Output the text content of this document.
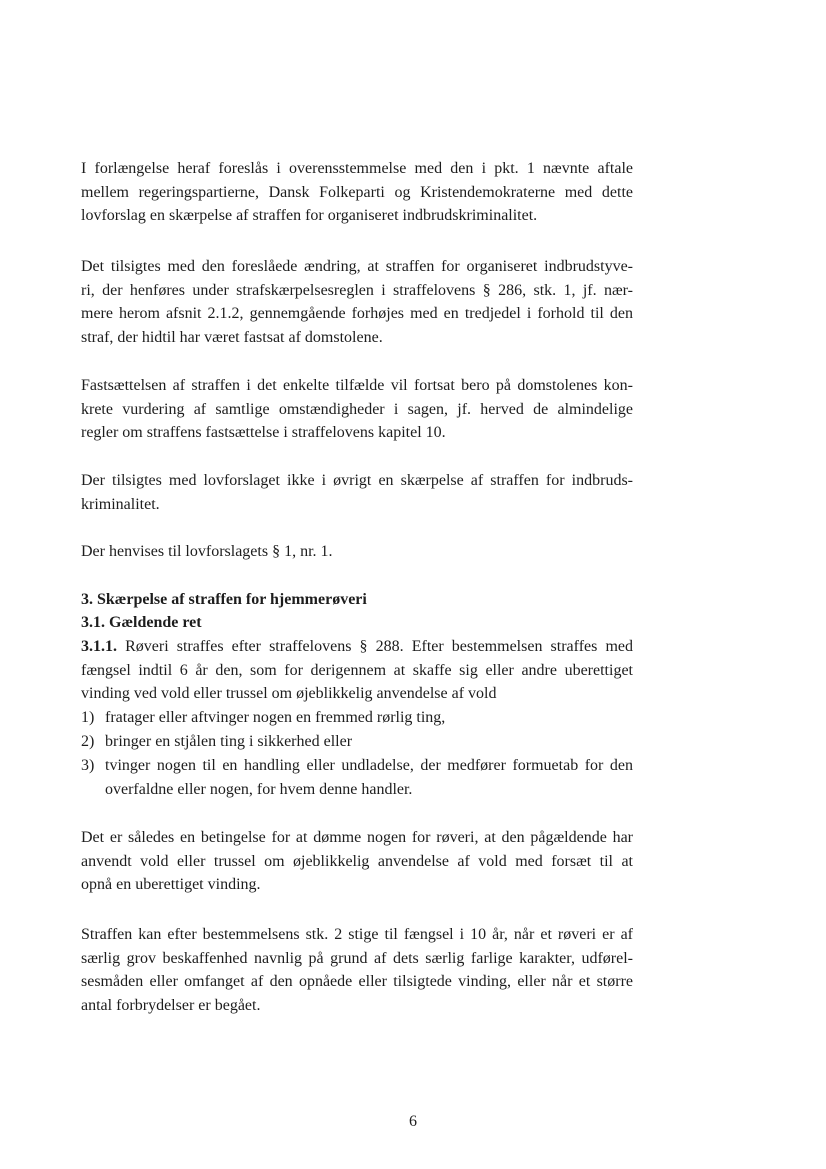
I forlængelse heraf foreslås i overensstemmelse med den i pkt. 1 nævnte aftale
mellem regeringspartierne, Dansk Folkeparti og Kristendemokraterne med dette
lovforslag en skærpelse af straffen for organiseret indbrudskriminalitet.
Det tilsigtes med den foreslåede ændring, at straffen for organiseret indbrudstyve-
ri, der henføres under strafskærpelsesreglen i straffelovens § 286, stk. 1, jf. nær-
mere herom afsnit 2.1.2, gennemgående forhøjes med en tredjedel i forhold til den
straf, der hidtil har været fastsat af domstolene.
Fastsættelsen af straffen i det enkelte tilfælde vil fortsat bero på domstolenes kon-
krete vurdering af samtlige omstændigheder i sagen, jf. herved de almindelige
regler om straffens fastsættelse i straffelovens kapitel 10.
Der tilsigtes med lovforslaget ikke i øvrigt en skærpelse af straffen for indbruds-
kriminalitet.
Der henvises til lovforslagets § 1, nr. 1.
3. Skærpelse af straffen for hjemmerøveri
3.1. Gældende ret
3.1.1. Røveri straffes efter straffelovens § 288. Efter bestemmelsen straffes med
fængsel indtil 6 år den, som for derigennem at skaffe sig eller andre uberettiget
vinding ved vold eller trussel om øjeblikkelig anvendelse af vold
1) fratager eller aftvinger nogen en fremmed rørlig ting,
2) bringer en stjålen ting i sikkerhed eller
3) tvinger nogen til en handling eller undladelse, der medfører formuetab for den
overfaldne eller nogen, for hvem denne handler.
Det er således en betingelse for at dømme nogen for røveri, at den pågældende har
anvendt vold eller trussel om øjeblikkelig anvendelse af vold med forsæt til at
opnå en uberettiget vinding.
Straffen kan efter bestemmelsens stk. 2 stige til fængsel i 10 år, når et røveri er af
særlig grov beskaffenhed navnlig på grund af dets særlig farlige karakter, udførel-
sesmåden eller omfanget af den opnåede eller tilsigtede vinding, eller når et større
antal forbrydelser er begået.
6
